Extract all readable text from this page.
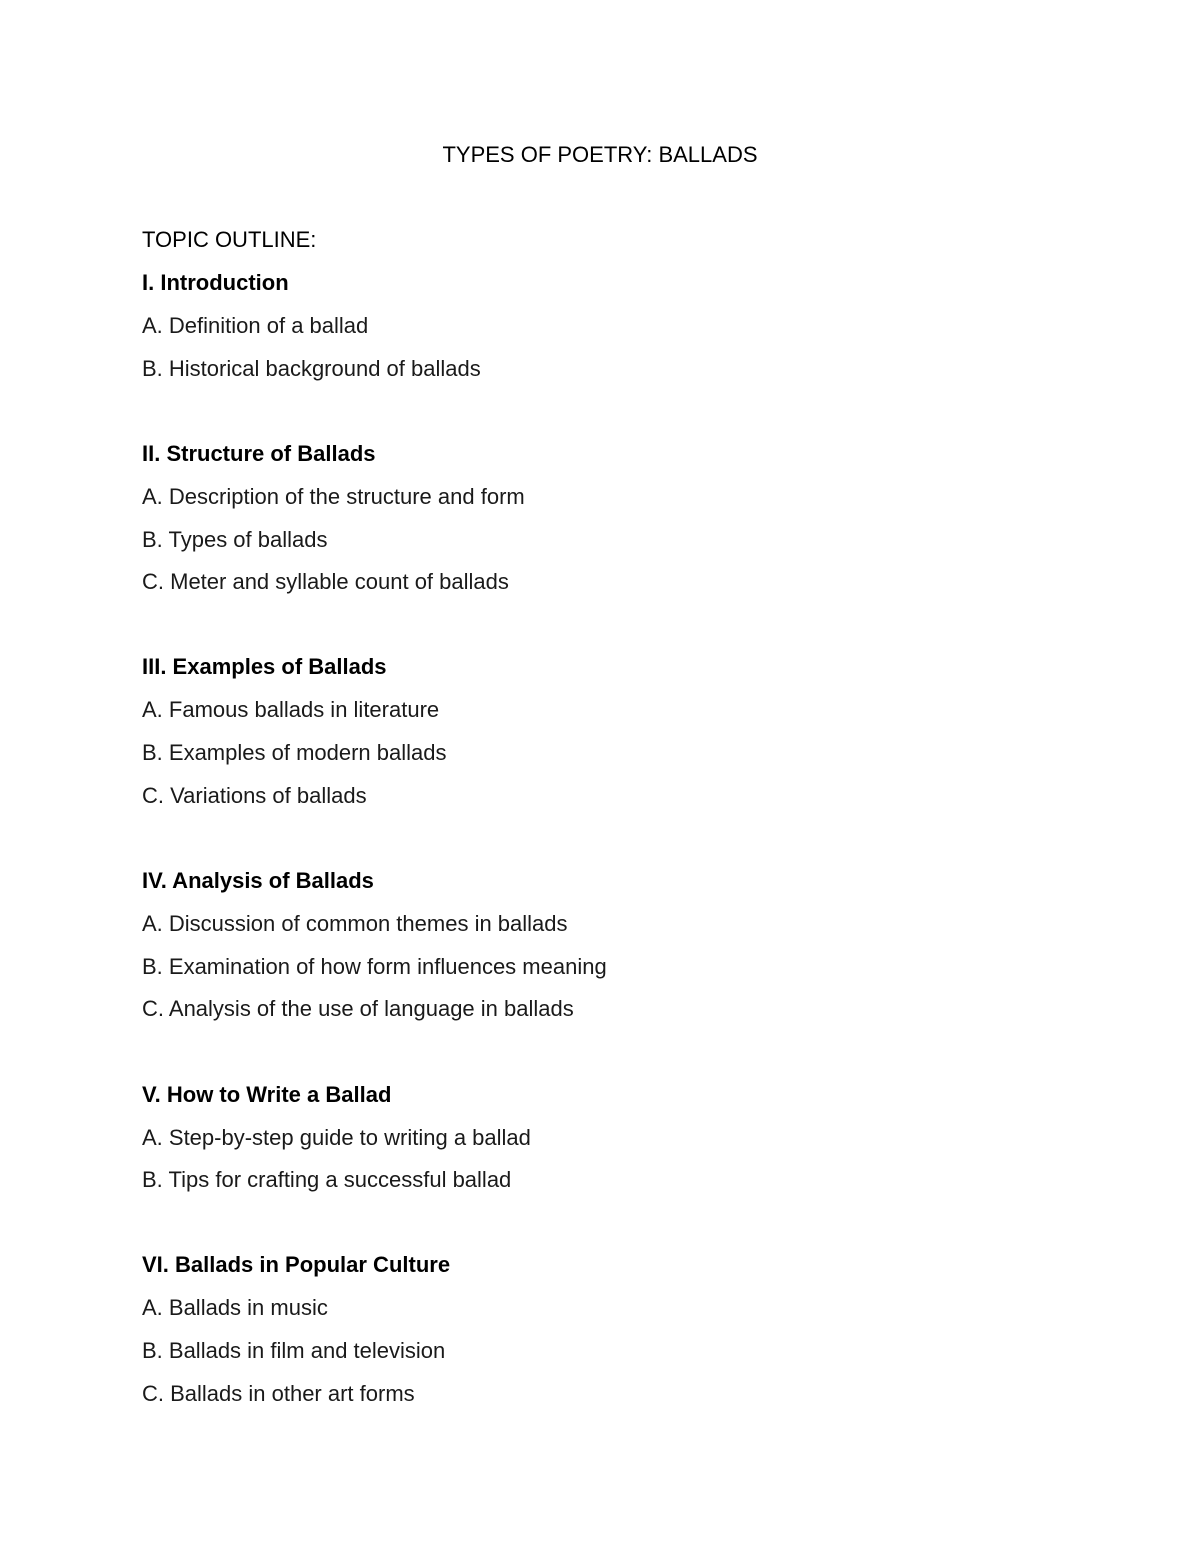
TYPES OF POETRY: BALLADS

TOPIC OUTLINE:

I. Introduction

A. Definition of a ballad

B. Historical background of ballads

II. Structure of Ballads

A. Description of the structure and form

B. Types of ballads

C. Meter and syllable count of ballads

III. Examples of Ballads

A. Famous ballads in literature

B. Examples of modern ballads

C. Variations of ballads

IV. Analysis of Ballads

A. Discussion of common themes in ballads

B. Examination of how form influences meaning

C. Analysis of the use of language in ballads

V. How to Write a Ballad

A. Step-by-step guide to writing a ballad

B. Tips for crafting a successful ballad

VI. Ballads in Popular Culture

A. Ballads in music

B. Ballads in film and television

C. Ballads in other art forms
